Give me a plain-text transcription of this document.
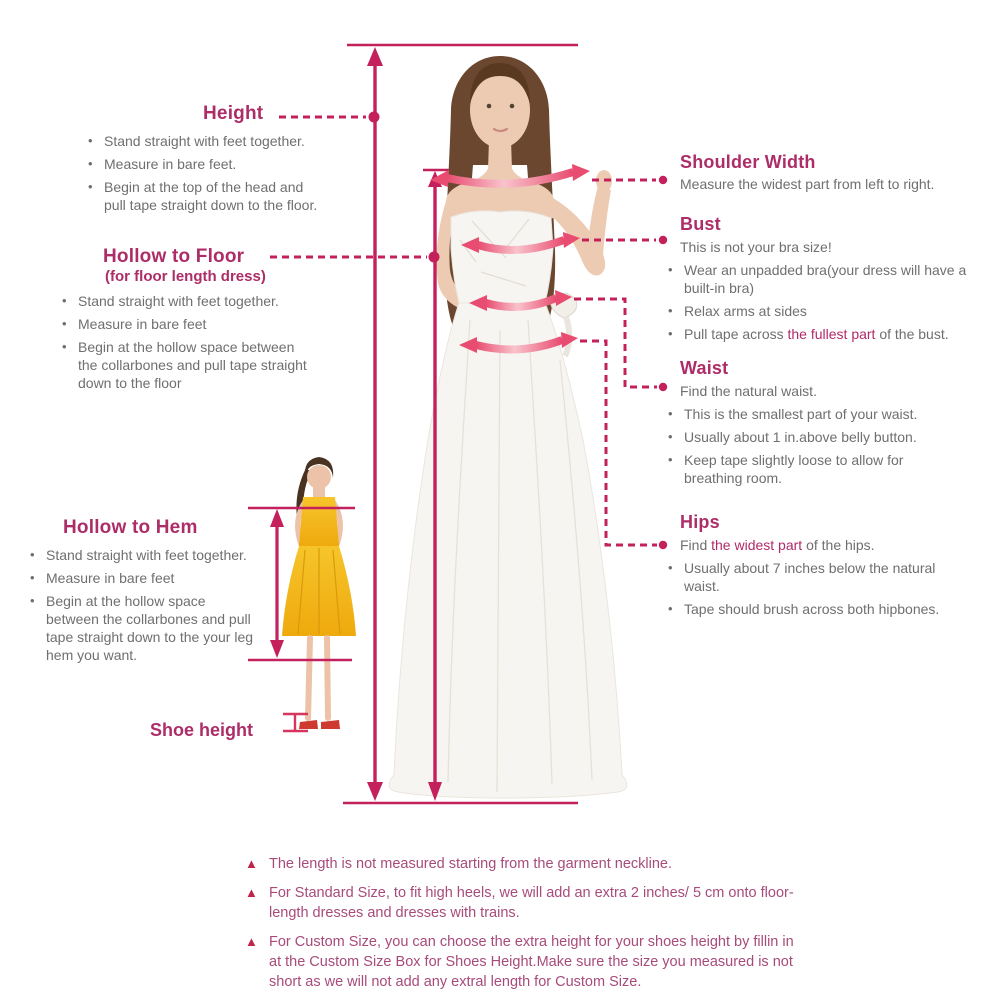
Height
• Stand straight with feet together.
• Measure in bare feet.
• Begin at the top of the head and pull tape straight down to the floor.
Hollow to Floor
(for floor length dress)
• Stand straight with feet together.
• Measure in bare feet
• Begin at the hollow space between the collarbones and pull tape straight down to the floor
Hollow to Hem
• Stand straight with feet together.
• Measure in bare feet
• Begin at the hollow space between the collarbones and pull tape straight down to the your leg hem you want.
Shoe height
Shoulder Width
Measure the widest part from left to right.
Bust
This is not your bra size!
• Wear an unpadded bra(your dress will have a built-in bra)
• Relax arms at sides
• Pull tape across the fullest part of the bust.
Waist
Find the natural waist.
• This is the smallest part of your waist.
• Usually about 1 in.above belly button.
• Keep tape slightly loose to allow for breathing room.
Hips
Find the widest part of the hips.
• Usually about 7 inches below the natural waist.
• Tape should brush across both hipbones.
▲ The length is not measured starting from the garment neckline.
▲ For Standard Size, to fit high heels, we will add an extra 2 inches/ 5 cm onto floor-length dresses and dresses with trains.
▲ For Custom Size, you can choose the extra height for your shoes height by fillin in at the Custom Size Box for Shoes Height.Make sure the size you measured is not short as we will not add any extral length for Custom Size.
